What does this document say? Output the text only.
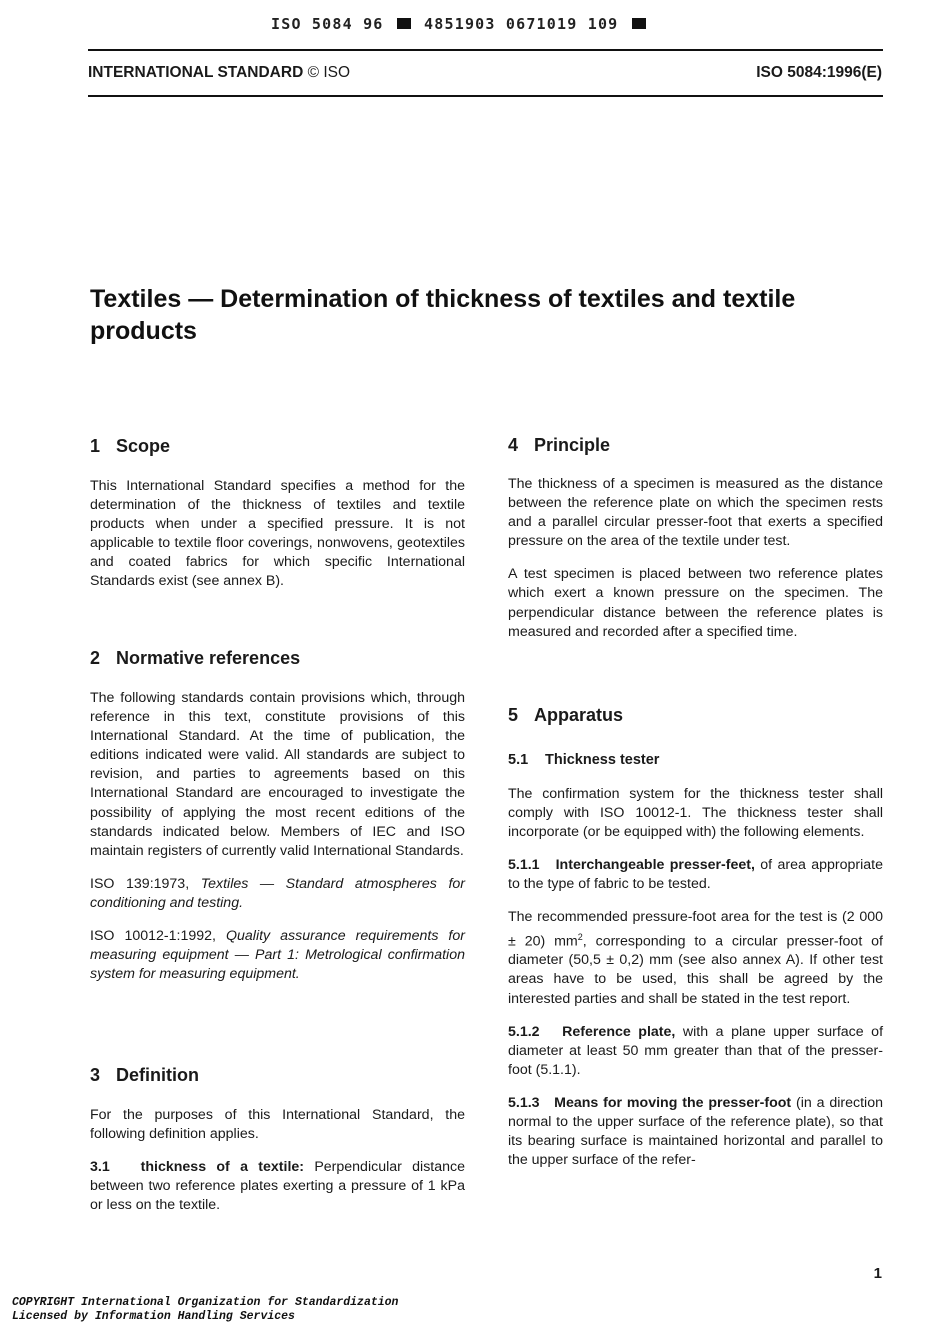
ISO 5084 96	4851903 0671019 109
INTERNATIONAL STANDARD © ISO	ISO 5084:1996(E)
Textiles — Determination of thickness of textiles and textile products
1 Scope

This International Standard specifies a method for the determination of the thickness of textiles and textile products when under a specified pressure. It is not applicable to textile floor coverings, nonwovens, geotextiles and coated fabrics for which specific International Standards exist (see annex B).

2 Normative references

The following standards contain provisions which, through reference in this text, constitute provisions of this International Standard. At the time of publication, the editions indicated were valid. All standards are subject to revision, and parties to agreements based on this International Standard are encouraged to investigate the possibility of applying the most recent editions of the standards indicated below. Members of IEC and ISO maintain registers of currently valid International Standards.

ISO 139:1973, Textiles — Standard atmospheres for conditioning and testing.

ISO 10012-1:1992, Quality assurance requirements for measuring equipment — Part 1: Metrological confirmation system for measuring equipment.

3 Definition

For the purposes of this International Standard, the following definition applies.

3.1 thickness of a textile: Perpendicular distance between two reference plates exerting a pressure of 1 kPa or less on the textile.

4 Principle

The thickness of a specimen is measured as the distance between the reference plate on which the specimen rests and a parallel circular presser-foot that exerts a specified pressure on the area of the textile under test.

A test specimen is placed between two reference plates which exert a known pressure on the specimen. The perpendicular distance between the reference plates is measured and recorded after a specified time.

5 Apparatus
5.1 Thickness tester

The confirmation system for the thickness tester shall comply with ISO 10012-1. The thickness tester shall incorporate (or be equipped with) the following elements.

5.1.1 Interchangeable presser-feet, of area appropriate to the type of fabric to be tested.

The recommended pressure-foot area for the test is (2 000 ± 20) $mm^2$, corresponding to a circular presser-foot of diameter (50,5 ± 0,2) mm (see also annex A). If other test areas have to be used, this shall be agreed by the interested parties and shall be stated in the test report.

5.1.2 Reference plate, with a plane upper surface of diameter at least 50 mm greater than that of the presser-foot (5.1.1).

5.1.3 Means for moving the presser-foot (in a direction normal to the upper surface of the reference plate), so that its bearing surface is maintained horizontal and parallel to the upper surface of the refer-

1
COPYRIGHT International Organization for Standardization
Licensed by Information Handling Services
